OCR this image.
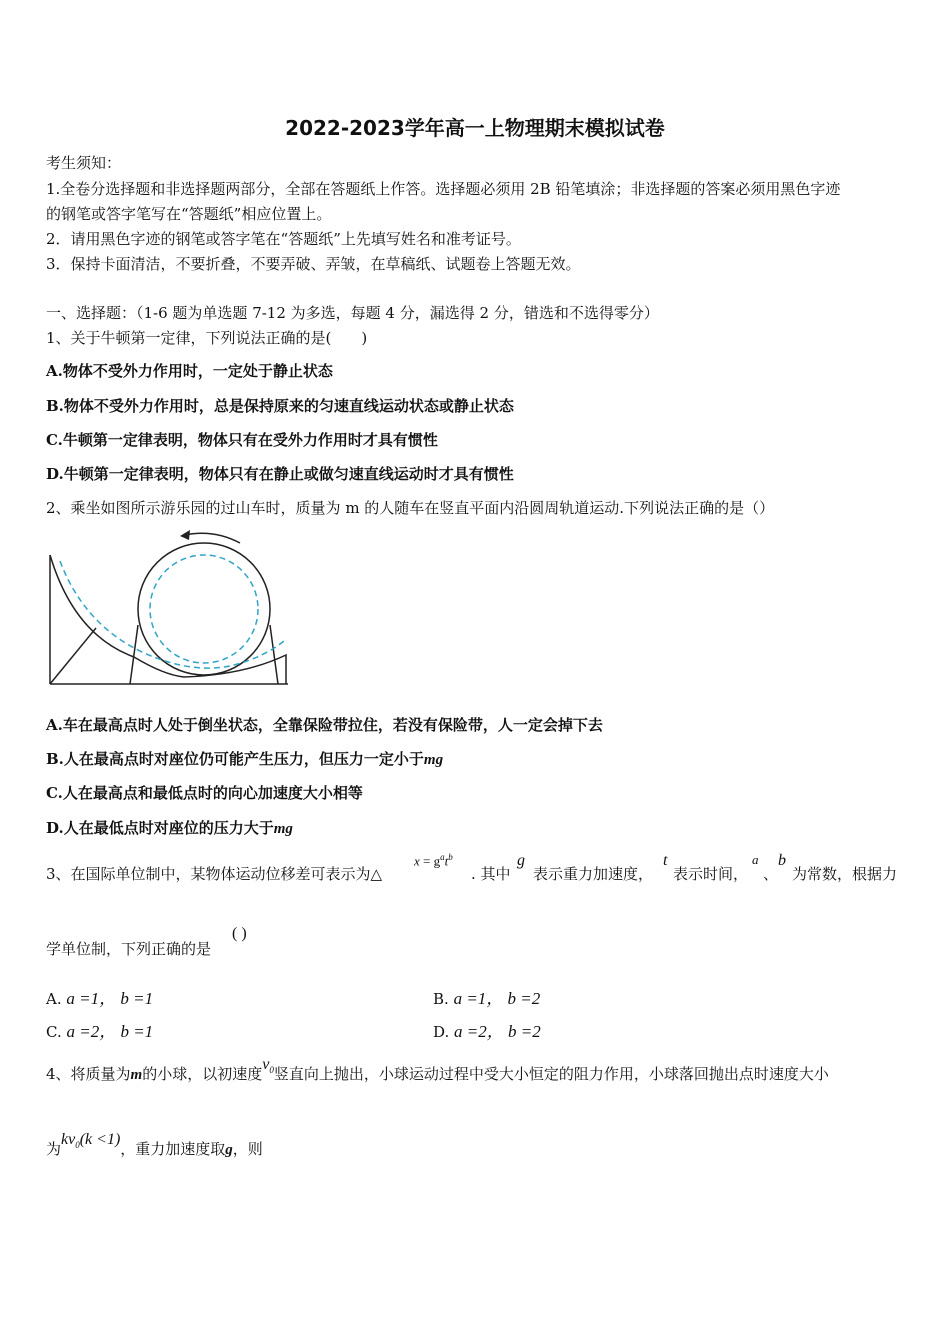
2022-2023学年高一上物理期末模拟试卷
考生须知：
1.全卷分选择题和非选择题两部分，全部在答题纸上作答。选择题必须用 2B 铅笔填涂；非选择题的答案必须用黑色字迹
的钢笔或答字笔写在“答题纸”相应位置上。
2．请用黑色字迹的钢笔或答字笔在“答题纸”上先填写姓名和准考证号。
3．保持卡面清洁，不要折叠，不要弄破、弄皱，在草稿纸、试题卷上答题无效。
一、选择题：（1-6 题为单选题 7-12 为多选，每题 4 分，漏选得 2 分，错选和不选得零分）
1、关于牛顿第一定律，下列说法正确的是(　　)
A.物体不受外力作用时，一定处于静止状态
B.物体不受外力作用时，总是保持原来的匀速直线运动状态或静止状态
C.牛顿第一定律表明，物体只有在受外力作用时才具有惯性
D.牛顿第一定律表明，物体只有在静止或做匀速直线运动时才具有惯性
2、乘坐如图所示游乐园的过山车时，质量为 m 的人随车在竖直平面内沿圆周轨道运动.下列说法正确的是（）
A.车在最高点时人处于倒坐状态，全靠保险带拉住，若没有保险带，人一定会掉下去
B.人在最高点时对座位仍可能产生压力，但压力一定小于mg
C.人在最高点和最低点时的向心加速度大小相等
D.人在最低点时对座位的压力大于mg
3、在国际单位制中，某物体运动位移差可表示为△
$x = g^at^b$
. 其中
g
表示重力加速度，
t
表示时间，
a
、
b
为常数，根据力
学单位制，下列正确的是
( )
A. a =1， b =1	B. a =1， b =2
C. a =2， b =1	D. a =2， b =2
4、将质量为m的小球，以初速度$v_0$竖直向上抛出，小球运动过程中受大小恒定的阻力作用，小球落回抛出点时速度大小
为$kv_0(k <1)$，重力加速度取g，则
